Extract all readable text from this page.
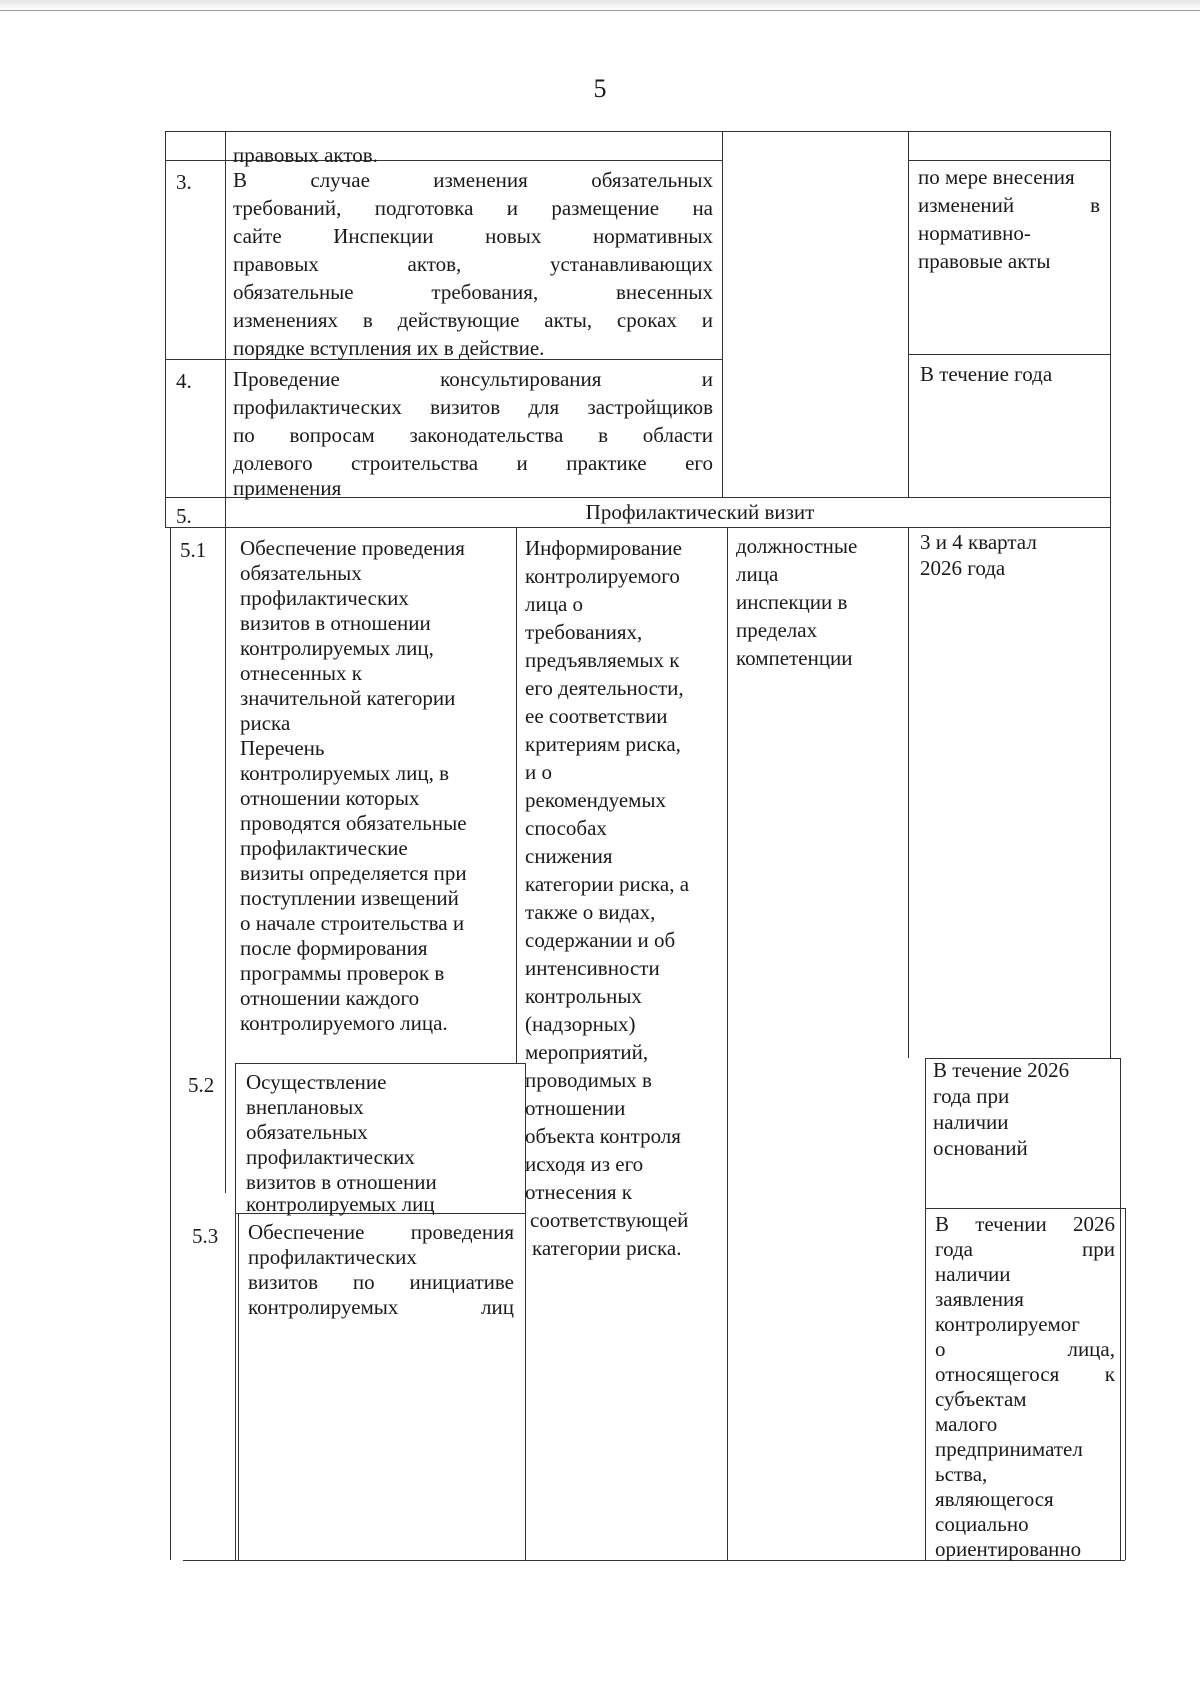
5
правовых актов.
3. В случае изменения обязательных
требований, подготовка и размещение на
сайте Инспекции новых нормативных
правовых актов, устанавливающих
обязательные требования, внесенных
изменениях в действующие акты, сроках и
порядке вступления их в действие.
по мере внесения
изменений в
нормативно-
правовые акты
4. Проведение консультирования и
профилактических визитов для застройщиков
по вопросам законодательства в области
долевого строительства и практике его
применения
В течение года
5.	Профилактический визит
5.1 Обеспечение проведения
обязательных
профилактических
визитов в отношении
контролируемых лиц,
отнесенных к
значительной категории
риска
Перечень
контролируемых лиц, в
отношении которых
проводятся обязательные
профилактические
визиты определяется при
поступлении извещений
о начале строительства и
после формирования
программы проверок в
отношении каждого
контролируемого лица.
Информирование
контролируемого
лица о
требованиях,
предъявляемых к
его деятельности,
ее соответствии
критериям риска,
и о
рекомендуемых
способах
снижения
категории риска, а
также о видах,
содержании и об
интенсивности
контрольных
(надзорных)
мероприятий,
проводимых в
отношении
объекта контроля
исходя из его
отнесения к
соответствующей
категории риска.
должностные
лица
инспекции в
пределах
компетенции
3 и 4 квартал
2026 года
5.2 Осуществление
внеплановых
обязательных
профилактических
визитов в отношении
контролируемых лиц
В течение 2026
года при
наличии
оснований
5.3 Обеспечение проведения
профилактических
визитов по инициативе
контролируемых лиц
В течении 2026
года при
наличии
заявления
контролируемог
о лица,
относящегося к
субъектам
малого
предпринимател
ьства,
являющегося
социально
ориентированно
